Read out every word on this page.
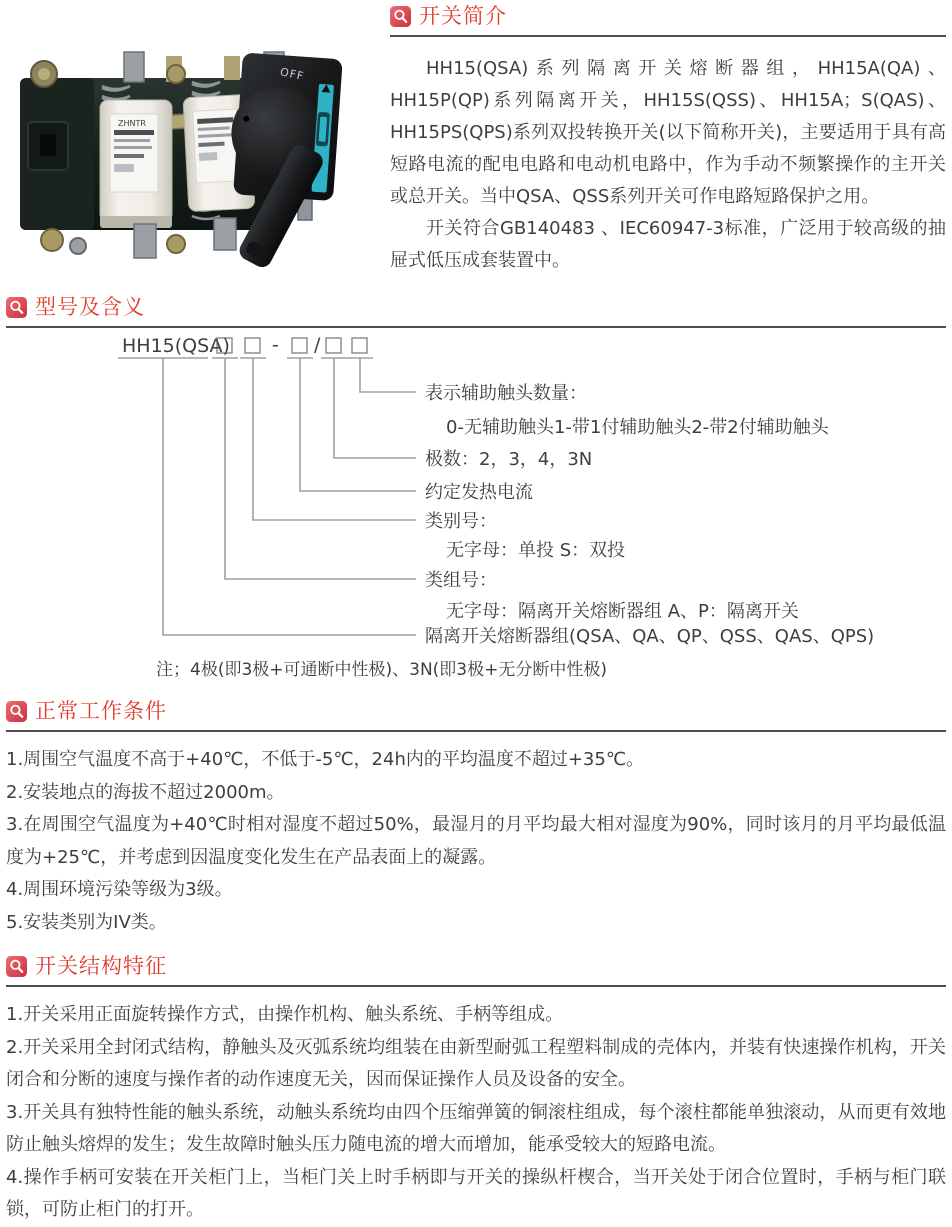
ZHNTR
OFF
开关简介

HH15(QSA)系列隔离开关熔断器组，HH15A(QA)、HH15P(QP)系列隔离开关，HH15S(QSS)、HH15A；S(QAS)、HH15PS(QPS)系列双投转换开关(以下简称开关)，主要适用于具有高短路电流的配电电路和电动机电路中，作为手动不频繁操作的主开关或总开关。当中QSA、QSS系列开关可作电路短路保护之用。

开关符合GB140483 、IEC60947-3标准，广泛用于较高级的抽屉式低压成套装置中。

型号及含义
HH15(QSA) - /
表示辅助触头数量：
0-无辅助触头1-带1付辅助触头2-带2付辅助触头
极数：2，3，4，3N
约定发热电流
类别号：
无字母：单投 S：双投
类组号：
无字母：隔离开关熔断器组 A、P：隔离开关
隔离开关熔断器组(QSA、QA、QP、QSS、QAS、QPS)
注；4极(即3极+可通断中性极)、3N(即3极+无分断中性极)
正常工作条件

1.周围空气温度不高于+40℃，不低于-5℃，24h内的平均温度不超过+35℃。

2.安装地点的海拔不超过2000m。

3.在周围空气温度为+40℃时相对湿度不超过50%，最湿月的月平均最大相对湿度为90%，同时该月的月平均最低温度为+25℃，并考虑到因温度变化发生在产品表面上的凝露。

4.周围环境污染等级为3级。

5.安装类别为IV类。

开关结构特征

1.开关采用正面旋转操作方式，由操作机构、触头系统、手柄等组成。

2.开关采用全封闭式结构，静触头及灭弧系统均组装在由新型耐弧工程塑料制成的壳体内，并装有快速操作机构，开关闭合和分断的速度与操作者的动作速度无关，因而保证操作人员及设备的安全。

3.开关具有独特性能的触头系统，动触头系统均由四个压缩弹簧的铜滚柱组成，每个滚柱都能单独滚动，从而更有效地防止触头熔焊的发生；发生故障时触头压力随电流的增大而增加，能承受较大的短路电流。

4.操作手柄可安装在开关柜门上，当柜门关上时手柄即与开关的操纵杆楔合，当开关处于闭合位置时，手柄与柜门联锁，可防止柜门的打开。
